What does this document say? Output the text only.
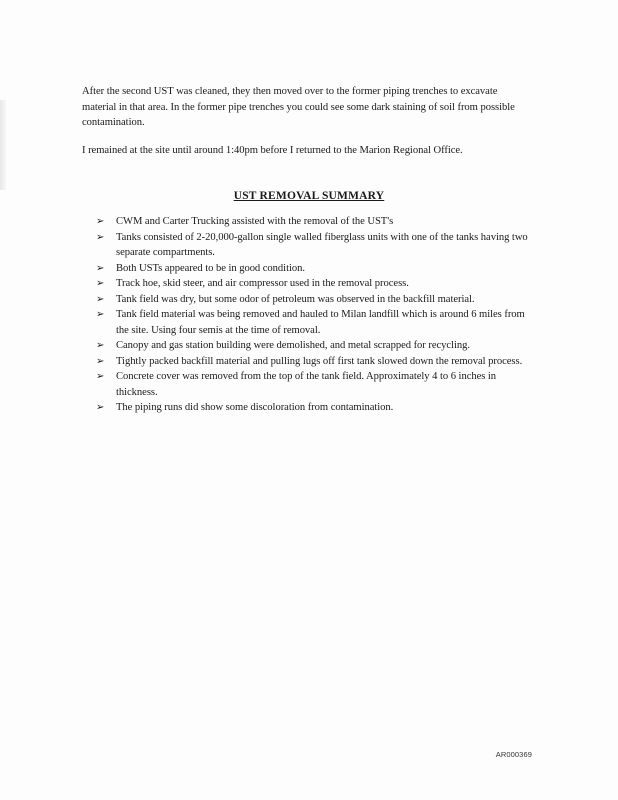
After the second UST was cleaned, they then moved over to the former piping trenches to excavate material in that area. In the former pipe trenches you could see some dark staining of soil from possible contamination.

I remained at the site until around 1:40pm before I returned to the Marion Regional Office.

UST REMOVAL SUMMARY
➢ CWM and Carter Trucking assisted with the removal of the UST's
➢ Tanks consisted of 2-20,000-gallon single walled fiberglass units with one of the tanks having two separate compartments.
➢ Both USTs appeared to be in good condition.
➢ Track hoe, skid steer, and air compressor used in the removal process.
➢ Tank field was dry, but some odor of petroleum was observed in the backfill material.
➢ Tank field material was being removed and hauled to Milan landfill which is around 6 miles from the site. Using four semis at the time of removal.
➢ Canopy and gas station building were demolished, and metal scrapped for recycling.
➢ Tightly packed backfill material and pulling lugs off first tank slowed down the removal process.
➢ Concrete cover was removed from the top of the tank field. Approximately 4 to 6 inches in thickness.
➢ The piping runs did show some discoloration from contamination.
AR000369
